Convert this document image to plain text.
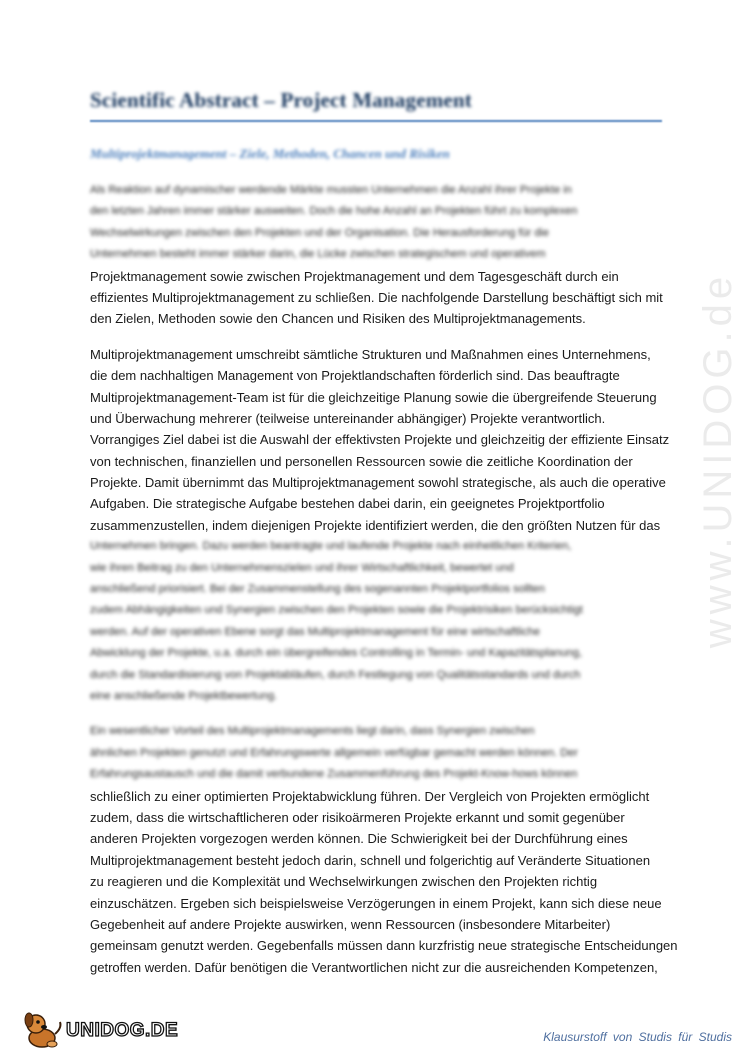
www.UNIDOG.de
Scientific Abstract – Project Management
Multiprojektmanagement – Ziele, Methoden, Chancen und Risiken
Als Reaktion auf dynamischer werdende Märkte mussten Unternehmen die Anzahl ihrer Projekte in
den letzten Jahren immer stärker ausweiten. Doch die hohe Anzahl an Projekten führt zu komplexen
Wechselwirkungen zwischen den Projekten und der Organisation. Die Herausforderung für die
Unternehmen besteht immer stärker darin, die Lücke zwischen strategischem und operativem
Projektmanagement sowie zwischen Projektmanagement und dem Tagesgeschäft durch ein
effizientes Multiprojektmanagement zu schließen. Die nachfolgende Darstellung beschäftigt sich mit
den Zielen, Methoden sowie den Chancen und Risiken des Multiprojektmanagements.
Multiprojektmanagement umschreibt sämtliche Strukturen und Maßnahmen eines Unternehmens,
die dem nachhaltigen Management von Projektlandschaften förderlich sind. Das beauftragte
Multiprojektmanagement-Team ist für die gleichzeitige Planung sowie die übergreifende Steuerung
und Überwachung mehrerer (teilweise untereinander abhängiger) Projekte verantwortlich.
Vorrangiges Ziel dabei ist die Auswahl der effektivsten Projekte und gleichzeitig der effiziente Einsatz
von technischen, finanziellen und personellen Ressourcen sowie die zeitliche Koordination der
Projekte. Damit übernimmt das Multiprojektmanagement sowohl strategische, als auch die operative
Aufgaben. Die strategische Aufgabe bestehen dabei darin, ein geeignetes Projektportfolio
zusammenzustellen, indem diejenigen Projekte identifiziert werden, die den größten Nutzen für das
Unternehmen bringen. Dazu werden beantragte und laufende Projekte nach einheitlichen Kriterien,
wie ihren Beitrag zu den Unternehmenszielen und ihrer Wirtschaftlichkeit, bewertet und
anschließend priorisiert. Bei der Zusammenstellung des sogenannten Projektportfolios sollten
zudem Abhängigkeiten und Synergien zwischen den Projekten sowie die Projektrisiken berücksichtigt
werden. Auf der operativen Ebene sorgt das Multiprojektmanagement für eine wirtschaftliche
Abwicklung der Projekte, u.a. durch ein übergreifendes Controlling in Termin- und Kapazitätsplanung,
durch die Standardisierung von Projektabläufen, durch Festlegung von Qualitätsstandards und durch
eine anschließende Projektbewertung.
Ein wesentlicher Vorteil des Multiprojektmanagements liegt darin, dass Synergien zwischen
ähnlichen Projekten genutzt und Erfahrungswerte allgemein verfügbar gemacht werden können. Der
Erfahrungsaustausch und die damit verbundene Zusammenführung des Projekt-Know-hows können
schließlich zu einer optimierten Projektabwicklung führen. Der Vergleich von Projekten ermöglicht
zudem, dass die wirtschaftlicheren oder risikoärmeren Projekte erkannt und somit gegenüber
anderen Projekten vorgezogen werden können. Die Schwierigkeit bei der Durchführung eines
Multiprojektmanagement besteht jedoch darin, schnell und folgerichtig auf Veränderte Situationen
zu reagieren und die Komplexität und Wechselwirkungen zwischen den Projekten richtig
einzuschätzen. Ergeben sich beispielsweise Verzögerungen in einem Projekt, kann sich diese neue
Gegebenheit auf andere Projekte auswirken, wenn Ressourcen (insbesondere Mitarbeiter)
gemeinsam genutzt werden. Gegebenfalls müssen dann kurzfristig neue strategische Entscheidungen
getroffen werden. Dafür benötigen die Verantwortlichen nicht zur die ausreichenden Kompetenzen,
UNIDOG.DE	Klausurstoff von Studis für Studis
